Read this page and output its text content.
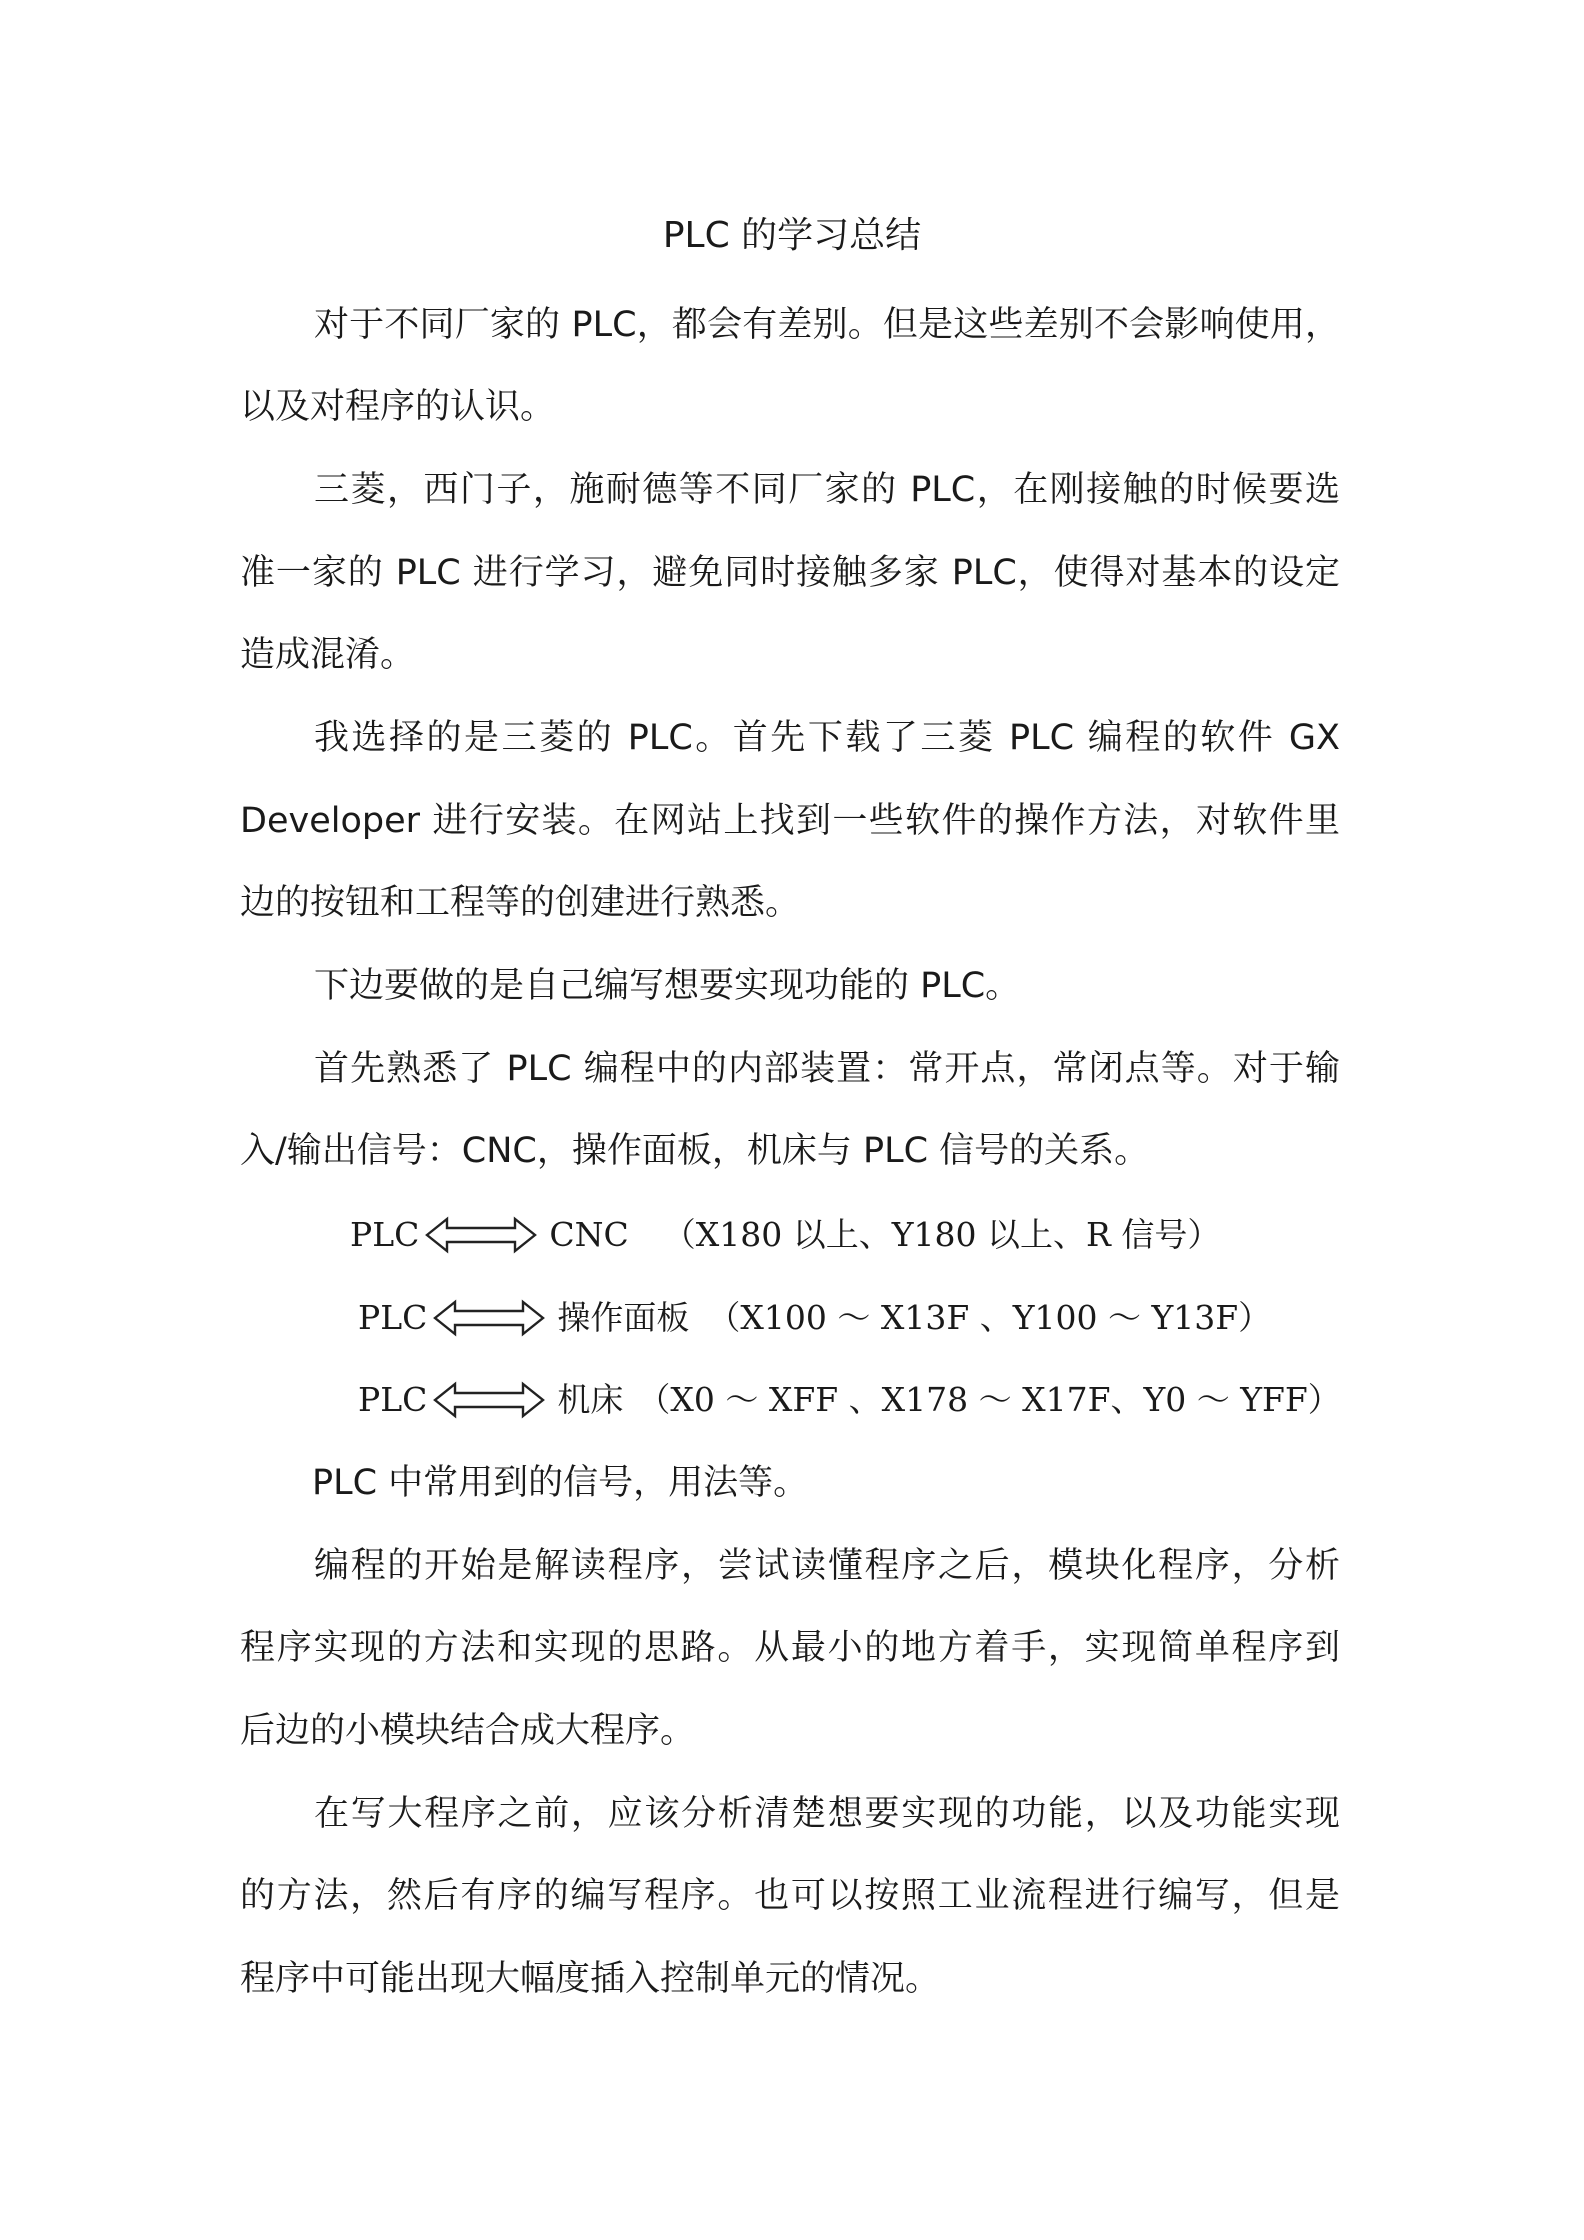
PLC 的学习总结
对于不同厂家的 PLC，都会有差别。但是这些差别不会影响使用，
以及对程序的认识。
三菱，西门子，施耐德等不同厂家的 PLC，在刚接触的时候要选
准一家的 PLC 进行学习，避免同时接触多家 PLC，使得对基本的设定
造成混淆。
我选择的是三菱的 PLC。首先下载了三菱 PLC 编程的软件 GX
Developer 进行安装。在网站上找到一些软件的操作方法，对软件里
边的按钮和工程等的创建进行熟悉。
下边要做的是自己编写想要实现功能的 PLC。
首先熟悉了 PLC 编程中的内部装置：常开点，常闭点等。对于输
入/输出信号：CNC，操作面板，机床与 PLC 信号的关系。
PLC	CNC （X180 以上、Y180 以上、R 信号）
PLC	操作面板 （X100 ～ X13F 、Y100 ～ Y13F）
PLC	机床 （X0 ～ XFF 、X178 ～ X17F、Y0 ～ YFF）
PLC 中常用到的信号，用法等。
编程的开始是解读程序，尝试读懂程序之后，模块化程序，分析
程序实现的方法和实现的思路。从最小的地方着手，实现简单程序到
后边的小模块结合成大程序。
在写大程序之前，应该分析清楚想要实现的功能，以及功能实现
的方法，然后有序的编写程序。也可以按照工业流程进行编写，但是
程序中可能出现大幅度插入控制单元的情况。
